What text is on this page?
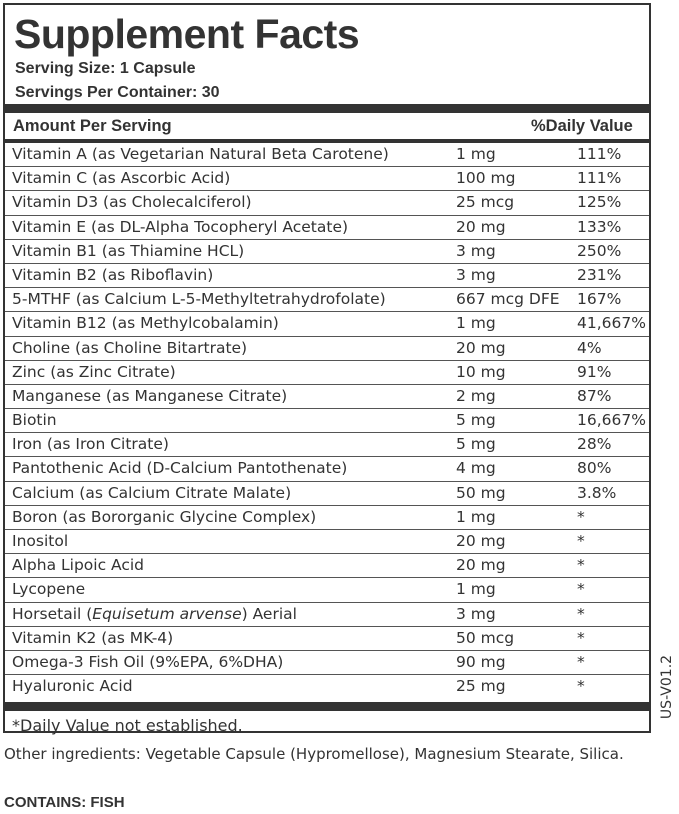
Supplement Facts

Serving Size: 1 Capsule

Servings Per Container: 30

Amount Per Serving	%Daily Value

Vitamin A (as Vegetarian Natural Beta Carotene)	1 mg	111%
Vitamin C (as Ascorbic Acid)	100 mg	111%
Vitamin D3 (as Cholecalciferol)	25 mcg	125%
Vitamin E (as DL-Alpha Tocopheryl Acetate)	20 mg	133%
Vitamin B1 (as Thiamine HCL)	3 mg	250%
Vitamin B2 (as Riboflavin)	3 mg	231%
5-MTHF (as Calcium L-5-Methyltetrahydrofolate)	667 mcg DFE 167%
Vitamin B12 (as Methylcobalamin)	1 mg	41,667%
Choline (as Choline Bitartrate)	20 mg	4%
Zinc (as Zinc Citrate)	10 mg	91%
Manganese (as Manganese Citrate)	2 mg	87%
Biotin	5 mg	16,667%
Iron (as Iron Citrate)	5 mg	28%
Pantothenic Acid (D-Calcium Pantothenate)	4 mg	80%
Calcium (as Calcium Citrate Malate)	50 mg	3.8%
Boron (as Bororganic Glycine Complex)	1 mg	*
Inositol	20 mg	*
Alpha Lipoic Acid	20 mg	*
Lycopene	1 mg	*
Horsetail (Equisetum arvense) Aerial	3 mg	*
Vitamin K2 (as MK-4)	50 mcg	*
Omega-3 Fish Oil (9%EPA, 6%DHA)	90 mg	*
Hyaluronic Acid	25 mg	*

*Daily Value not established.

US-V01.2

Other ingredients: Vegetable Capsule (Hypromellose), Magnesium Stearate, Silica.

CONTAINS: FISH
